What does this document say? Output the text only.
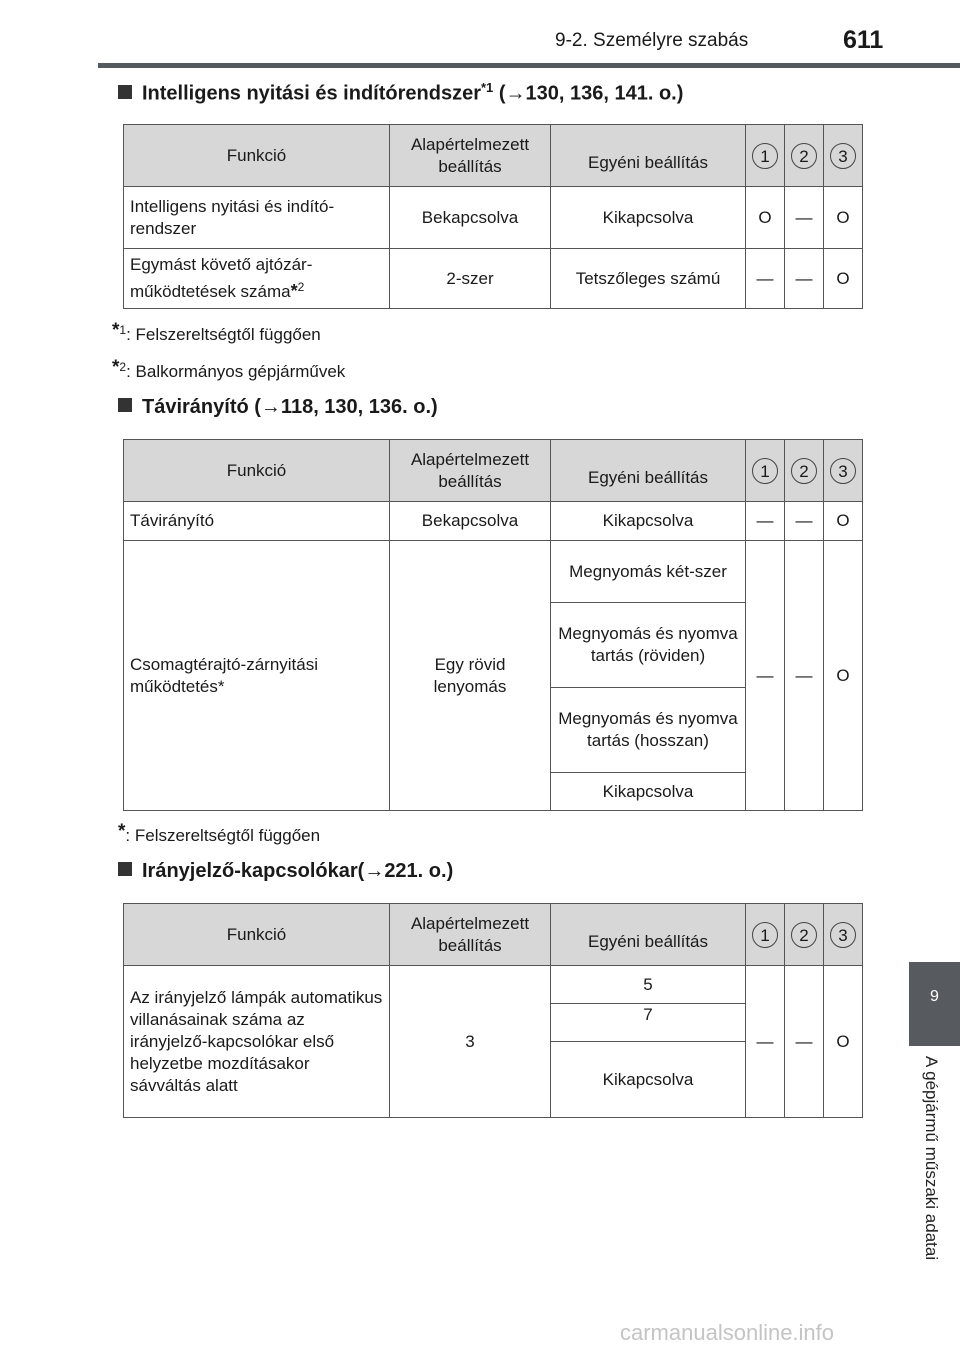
9-2. Személyre szabás	611
9
A gépjármű műszaki adatai
Intelligens nyitási és indítórendszer$^{*1}$ (→130, 136, 141. o.)
Funkció	Alapértelmezett beállítás	Egyéni beállítás	1	2	3
Intelligens nyitási és indító-rendszer	Bekapcsolva	Kikapcsolva	O	—	O
Egymást követő ajtózár-működtetések száma*$^2$	2-szer	Tetszőleges számú	—	—	O
*$^1$: Felszereltségtől függően
*$^2$: Balkormányos gépjárművek
Távirányító (→118, 130, 136. o.)
Funkció	Alapértelmezett beállítás	Egyéni beállítás	1	2	3
Távirányító	Bekapcsolva	Kikapcsolva	—	—	O
Csomagtérajtó-zárnyitási működtetés*	Egy rövid lenyomás	Megnyomás két-szer	—	—	O
		Megnyomás és nyomva tartás (röviden)			
		Megnyomás és nyomva tartás (hosszan)			
		Kikapcsolva			
*: Felszereltségtől függően
Irányjelző-kapcsolókar(→221. o.)
Funkció	Alapértelmezett beállítás	Egyéni beállítás	1	2	3
Az irányjelző lámpák automatikus villanásainak száma az irányjelző-kapcsolókar első helyzetbe mozdításakor sávváltás alatt	3	5	—	—	O
		7			
		Kikapcsolva			
carmanualsonline.info
